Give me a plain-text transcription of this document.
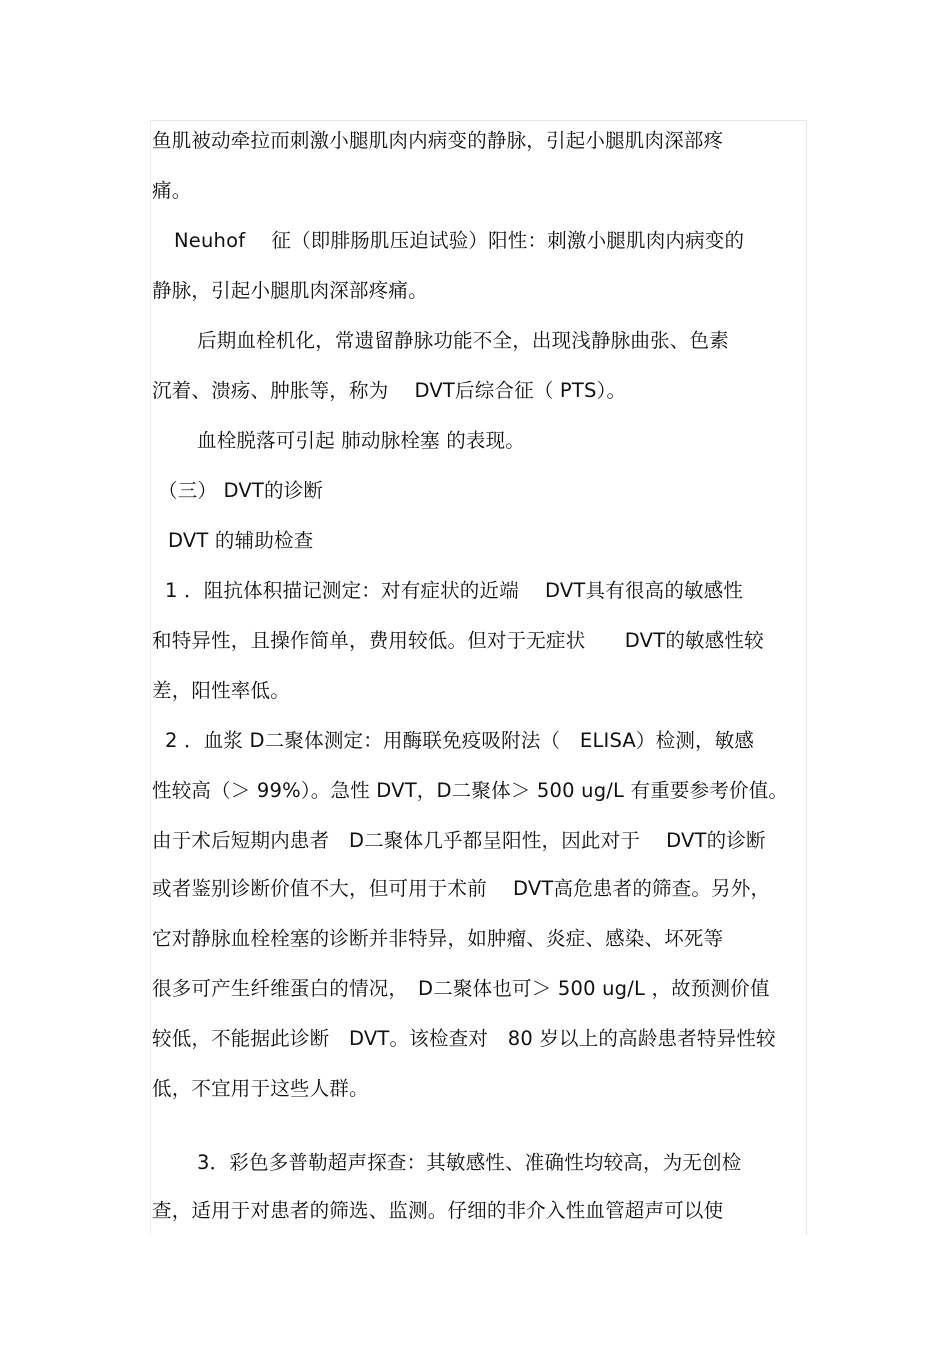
鱼肌被动牵拉而刺激小腿肌肉内病变的静脉，引起小腿肌肉深部疼
痛。
Neuhof　 征（即腓肠肌压迫试验）阳性：刺激小腿肌肉内病变的
静脉，引起小腿肌肉深部疼痛。
后期血栓机化，常遗留静脉功能不全，出现浅静脉曲张、色素
沉着、溃疡、肿胀等，称为　 DVT后综合征（ PTS）。
血栓脱落可引起 肺动脉栓塞 的表现。
（三） DVT的诊断
DVT 的辅助检查
1 ．阻抗体积描记测定：对有症状的近端　 DVT具有很高的敏感性
和特异性，且操作简单，费用较低。但对于无症状　　DVT的敏感性较
差，阳性率低。
2 ．血浆 D二聚体测定：用酶联免疫吸附法（　ELISA）检测，敏感
性较高（＞ 99%）。急性 DVT，D二聚体＞ 500 ug/L 有重要参考价值。
由于术后短期内患者　D二聚体几乎都呈阳性，因此对于　 DVT的诊断
或者鉴别诊断价值不大，但可用于术前　 DVT高危患者的筛查。另外，
它对静脉血栓栓塞的诊断并非特异，如肿瘤、炎症、感染、坏死等
很多可产生纤维蛋白的情况，　D二聚体也可＞ 500 ug/L ，故预测价值
较低，不能据此诊断　DVT。该检查对　80 岁以上的高龄患者特异性较
低，不宜用于这些人群。
3．彩色多普勒超声探查：其敏感性、准确性均较高，为无创检
查，适用于对患者的筛选、监测。仔细的非介入性血管超声可以使
